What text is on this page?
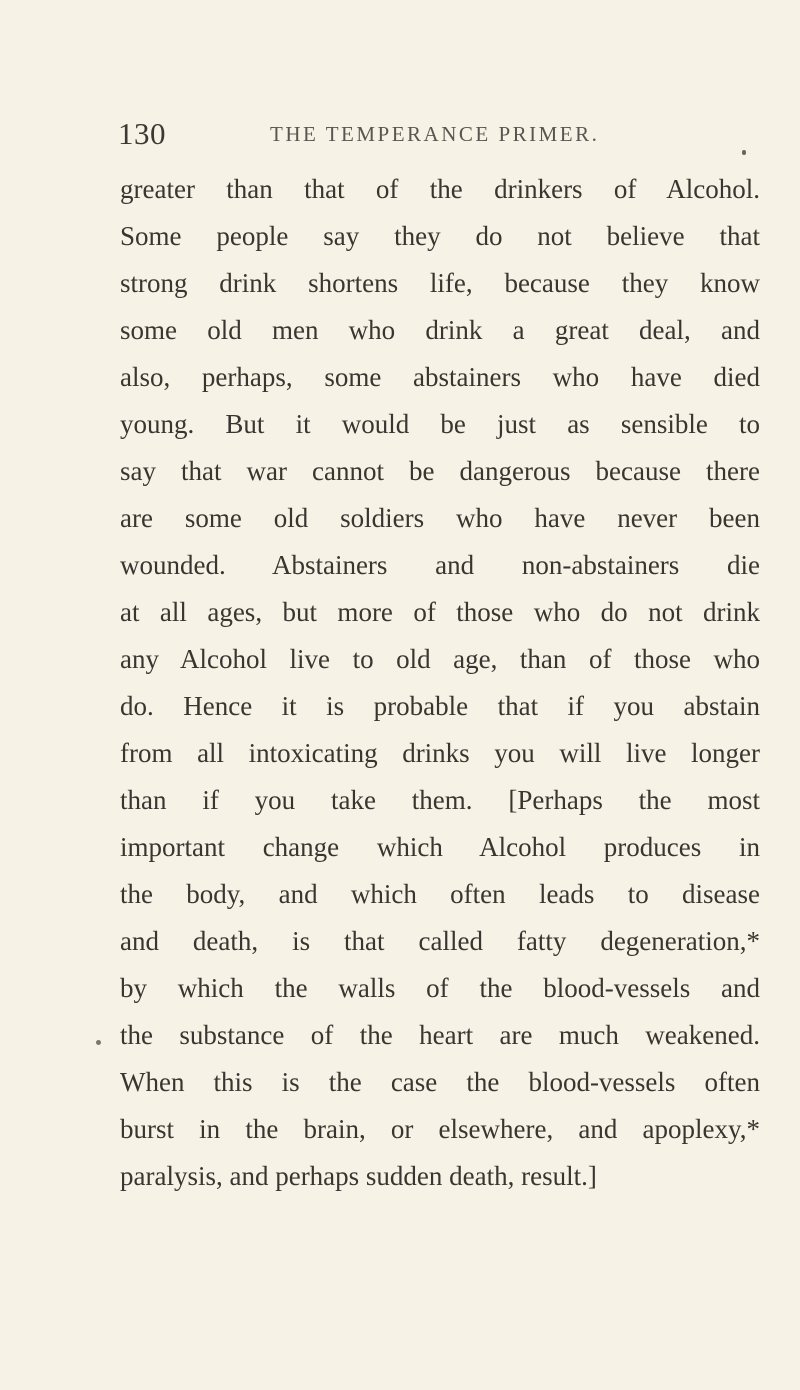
130	THE TEMPERANCE PRIMER.
greater than that of the drinkers of Alcohol.
Some people say they do not believe that
strong drink shortens life, because they know
some old men who drink a great deal, and
also, perhaps, some abstainers who have died
young. But it would be just as sensible to
say that war cannot be dangerous because there
are some old soldiers who have never been
wounded. Abstainers and non-abstainers die
at all ages, but more of those who do not drink
any Alcohol live to old age, than of those who
do. Hence it is probable that if you abstain
from all intoxicating drinks you will live longer
than if you take them. [Perhaps the most
important change which Alcohol produces in
the body, and which often leads to disease
and death, is that called fatty degeneration,*
by which the walls of the blood-vessels and
the substance of the heart are much weakened.
When this is the case the blood-vessels often
burst in the brain, or elsewhere, and apoplexy,*
paralysis, and perhaps sudden death, result.]
